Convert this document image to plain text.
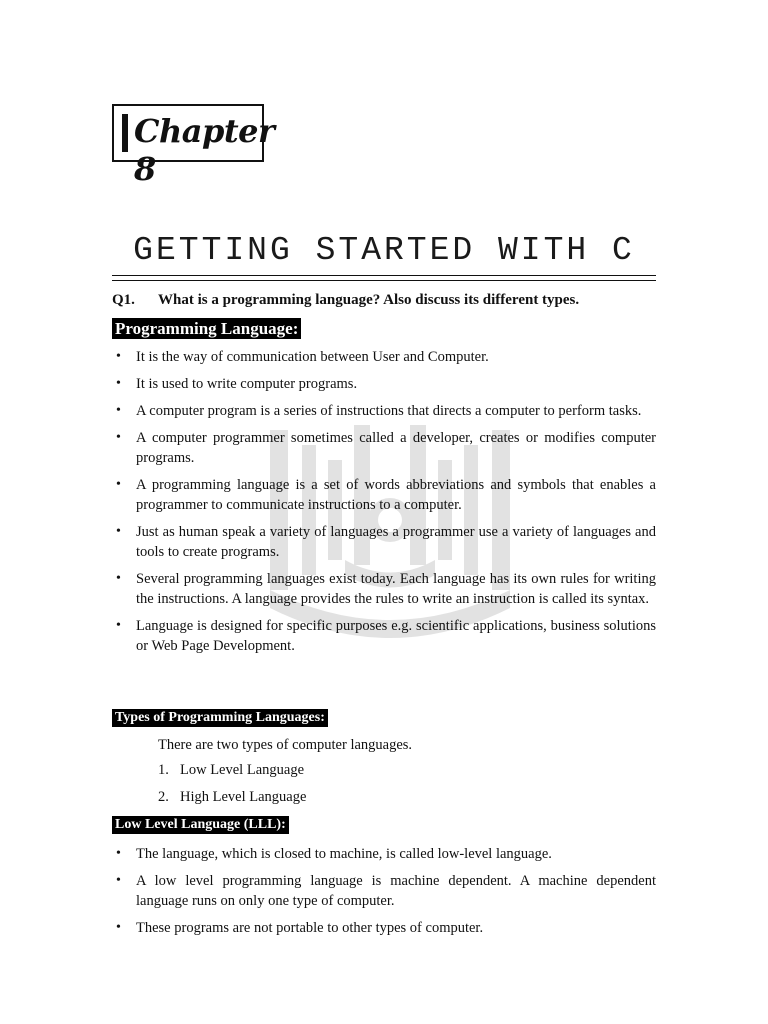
Chapter 8
GETTING STARTED WITH C
Q1. What is a programming language? Also discuss its different types.
Programming Language:
• It is the way of communication between User and Computer.
• It is used to write computer programs.
• A computer program is a series of instructions that directs a computer to perform tasks.
• A computer programmer sometimes called a developer, creates or modifies computer programs.
• A programming language is a set of words abbreviations and symbols that enables a programmer to communicate instructions to a computer.
• Just as human speak a variety of languages a programmer use a variety of languages and tools to create programs.
• Several programming languages exist today. Each language has its own rules for writing the instructions. A language provides the rules to write an instruction is called its syntax.
• Language is designed for specific purposes e.g. scientific applications, business solutions or Web Page Development.
Types of Programming Languages:
There are two types of computer languages.
1. Low Level Language
2. High Level Language
Low Level Language (LLL):
• The language, which is closed to machine, is called low-level language.
• A low level programming language is machine dependent. A machine dependent language runs on only one type of computer.
• These programs are not portable to other types of computer.
